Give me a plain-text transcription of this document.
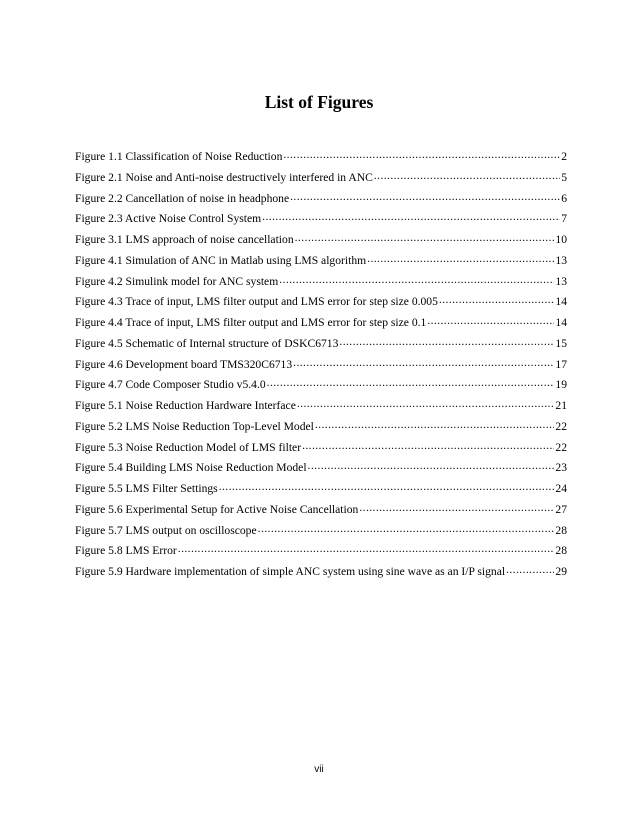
List of Figures
Figure 1.1 Classification of Noise Reduction .....	2
Figure 2.1 Noise and Anti-noise destructively interfered in ANC .....	5
Figure 2.2 Cancellation of noise in headphone .....	6
Figure 2.3 Active Noise Control System .....	7
Figure 3.1 LMS approach of noise cancellation .....	10
Figure 4.1 Simulation of ANC in Matlab using LMS algorithm .....	13
Figure 4.2 Simulink model for ANC system .....	13
Figure 4.3 Trace of input, LMS filter output and LMS error for step size 0.005 .....	14
Figure 4.4 Trace of input, LMS filter output and LMS error for step size 0.1 .....	14
Figure 4.5 Schematic of Internal structure of DSKC6713 .....	15
Figure 4.6 Development board TMS320C6713 .....	17
Figure 4.7 Code Composer Studio v5.4.0 .....	19
Figure 5.1 Noise Reduction Hardware Interface .....	21
Figure 5.2 LMS Noise Reduction Top-Level Model .....	22
Figure 5.3 Noise Reduction Model of LMS filter .....	22
Figure 5.4 Building LMS Noise Reduction Model .....	23
Figure 5.5 LMS Filter Settings .....	24
Figure 5.6 Experimental Setup for Active Noise Cancellation .....	27
Figure 5.7 LMS output on oscilloscope .....	28
Figure 5.8 LMS Error .....	28
Figure 5.9 Hardware implementation of simple ANC system using sine wave as an I/P signal .....	29
vii
